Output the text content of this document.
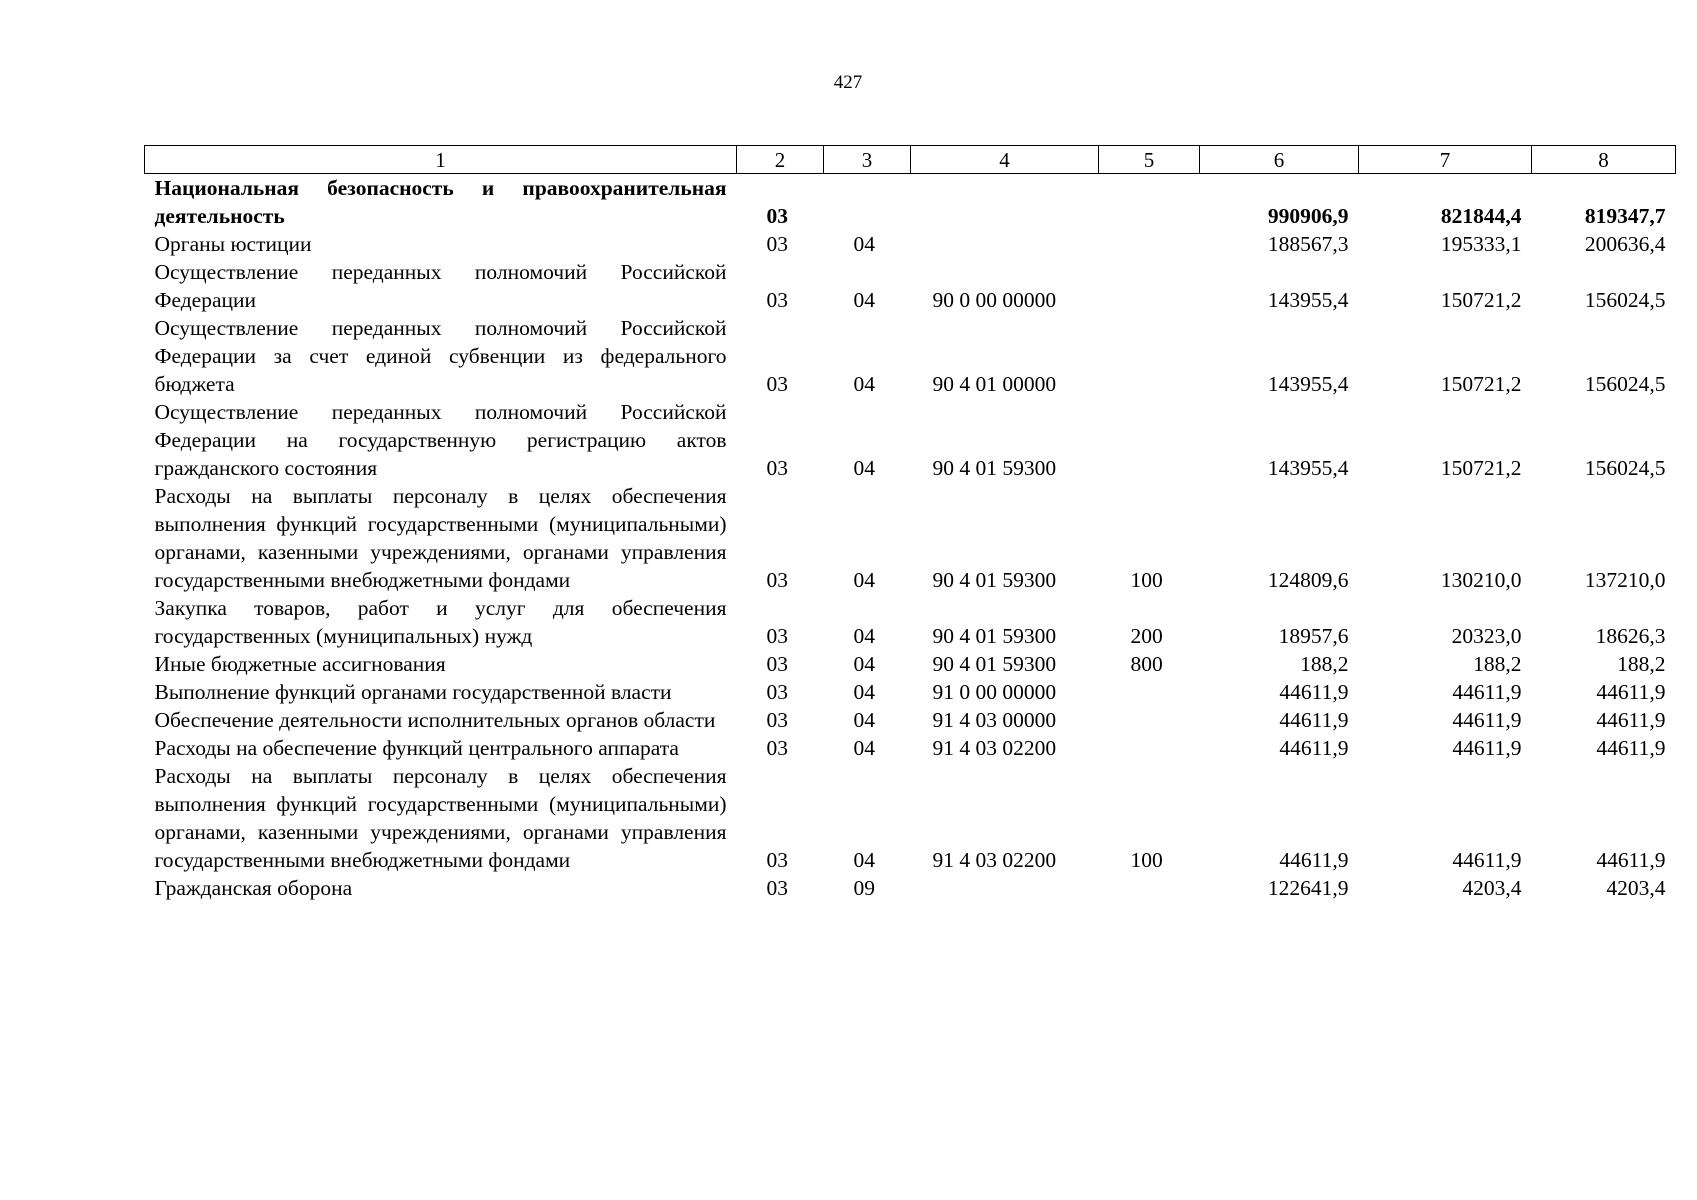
427
1	2	3	4	5	6	7	8
Национальная безопасность и правоохранительная деятельность	03				990906,9	821844,4	819347,7
Органы юстиции	03	04			188567,3	195333,1	200636,4
Осуществление переданных полномочий Российской Федерации	03	04	90 0 00 00000		143955,4	150721,2	156024,5
Осуществление переданных полномочий Российской Федерации за счет единой субвенции из федерального бюджета	03	04	90 4 01 00000		143955,4	150721,2	156024,5
Осуществление переданных полномочий Российской Федерации на государственную регистрацию актов гражданского состояния	03	04	90 4 01 59300		143955,4	150721,2	156024,5
Расходы на выплаты персоналу в целях обеспечения выполнения функций государственными (муниципальными) органами, казенными учреждениями, органами управления государственными внебюджетными фондами	03	04	90 4 01 59300	100	124809,6	130210,0	137210,0
Закупка товаров, работ и услуг для обеспечения государственных (муниципальных) нужд	03	04	90 4 01 59300	200	18957,6	20323,0	18626,3
Иные бюджетные ассигнования	03	04	90 4 01 59300	800	188,2	188,2	188,2
Выполнение функций органами государственной власти	03	04	91 0 00 00000		44611,9	44611,9	44611,9
Обеспечение деятельности исполнительных органов области	03	04	91 4 03 00000		44611,9	44611,9	44611,9
Расходы на обеспечение функций центрального аппарата	03	04	91 4 03 02200		44611,9	44611,9	44611,9
Расходы на выплаты персоналу в целях обеспечения выполнения функций государственными (муниципальными) органами, казенными учреждениями, органами управления государственными внебюджетными фондами	03	04	91 4 03 02200	100	44611,9	44611,9	44611,9
Гражданская оборона	03	09			122641,9	4203,4	4203,4
